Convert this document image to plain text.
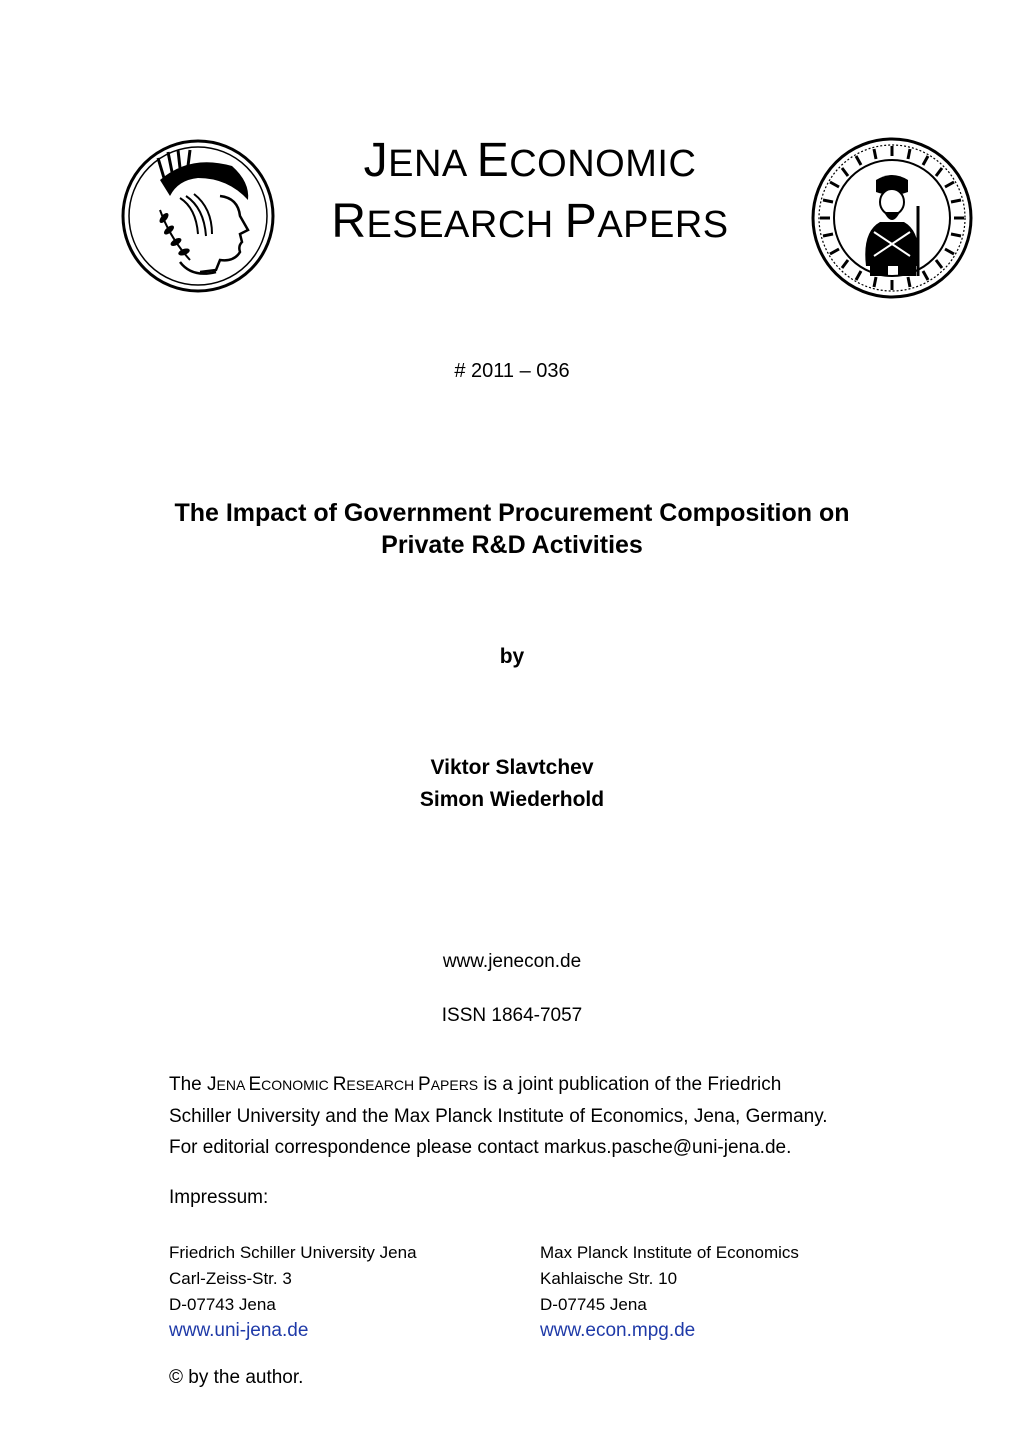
JENA ECONOMIC
RESEARCH PAPERS
# 2011 – 036
The Impact of Government Procurement Composition on
Private R&D Activities
by
Viktor Slavtchev
Simon Wiederhold
www.jenecon.de
ISSN 1864-7057
The JENA ECONOMIC RESEARCH PAPERS is a joint publication of the Friedrich
Schiller University and the Max Planck Institute of Economics, Jena, Germany.
For editorial correspondence please contact markus.pasche@uni-jena.de.
Impressum:
Friedrich Schiller University Jena
Carl-Zeiss-Str. 3
D-07743 Jena
www.uni-jena.de
Max Planck Institute of Economics
Kahlaische Str. 10
D-07745 Jena
www.econ.mpg.de
© by the author.
